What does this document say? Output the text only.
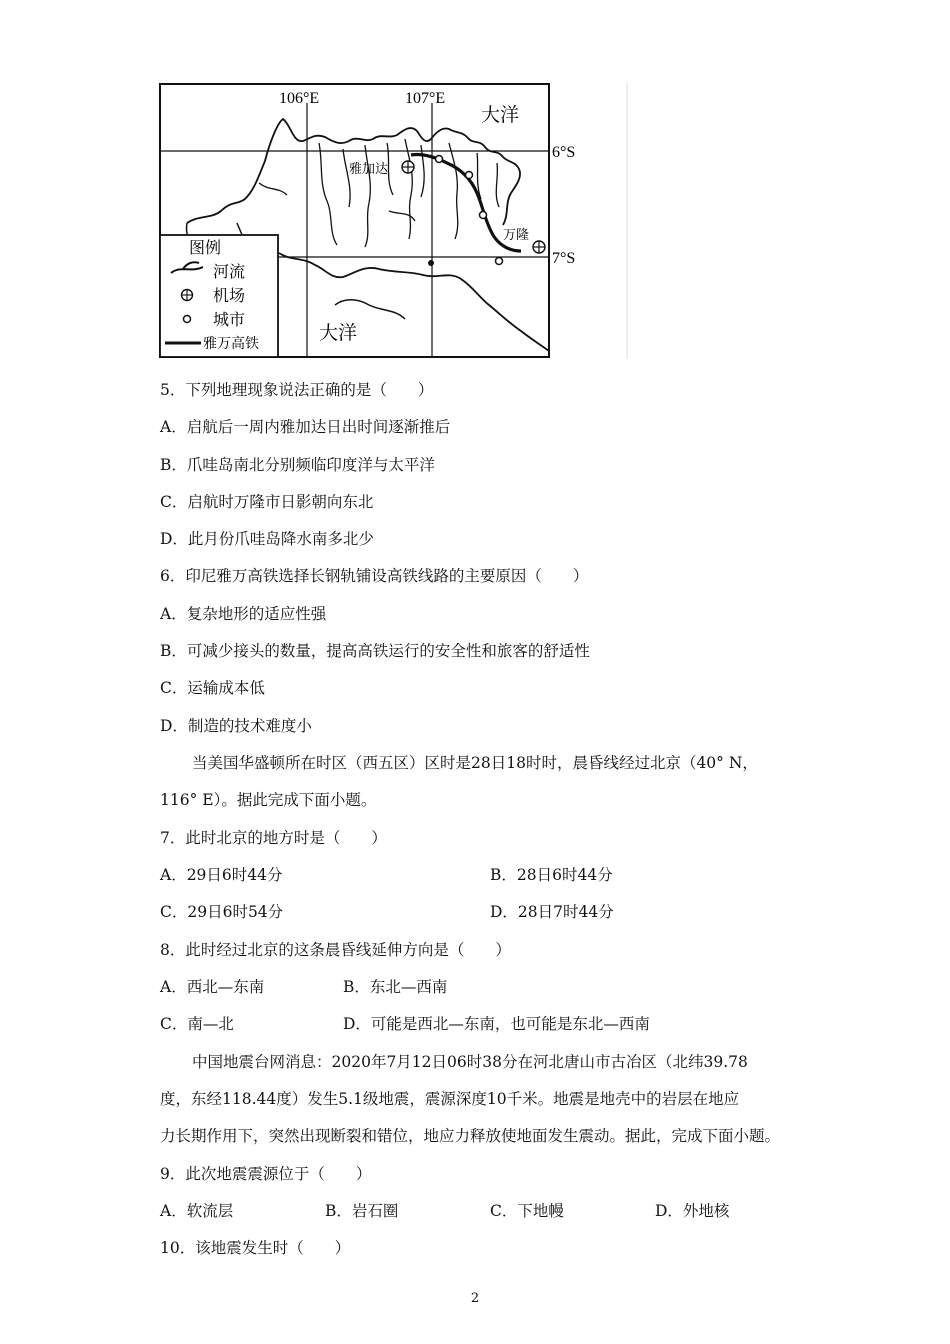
106°E	107°E
6°S
7°S
大洋
大洋
雅加达
万隆
图例
河流
机场
城市
雅万高铁
5．下列地理现象说法正确的是（　　）
A．启航后一周内雅加达日出时间逐渐推后
B．爪哇岛南北分别频临印度洋与太平洋
C．启航时万隆市日影朝向东北
D．此月份爪哇岛降水南多北少
6．印尼雅万高铁选择长钢轨铺设高铁线路的主要原因（　　）
A．复杂地形的适应性强
B．可减少接头的数量，提高高铁运行的安全性和旅客的舒适性
C．运输成本低
D．制造的技术难度小
当美国华盛顿所在时区（西五区）区时是28日18时时，晨昏线经过北京（40° N，
116° E）。据此完成下面小题。
7．此时北京的地方时是（　　）
A．29日6时44分	B．28日6时44分
C．29日6时54分	D．28日7时44分
8．此时经过北京的这条晨昏线延伸方向是（　　）
A．西北—东南	B．东北—西南
C．南—北	D．可能是西北—东南，也可能是东北—西南
中国地震台网消息：2020年7月12日06时38分在河北唐山市古冶区（北纬39.78
度，东经118.44度）发生5.1级地震，震源深度10千米。地震是地壳中的岩层在地应
力长期作用下，突然出现断裂和错位，地应力释放使地面发生震动。据此，完成下面小题。
9．此次地震震源位于（　　）
A．软流层	B．岩石圈	C．下地幔	D．外地核
10．该地震发生时（　　）
2
